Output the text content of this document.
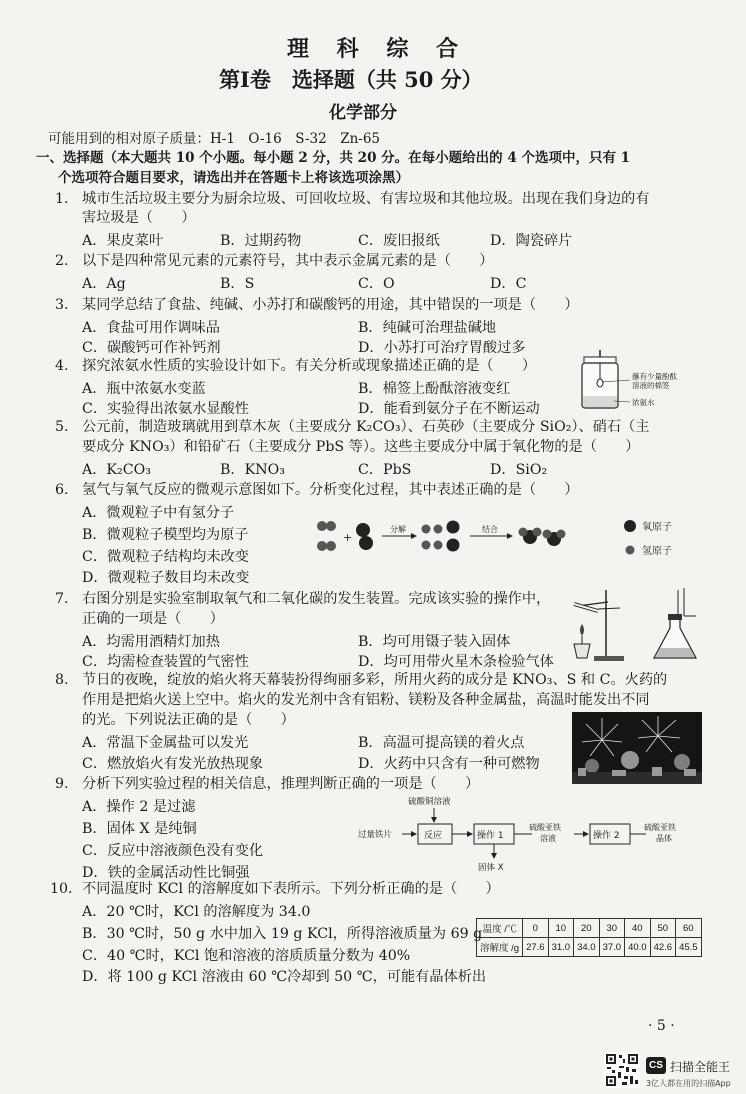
理 科 综 合
第Ⅰ卷　选择题（共 50 分）
化学部分
可能用到的相对原子质量：H-1　O-16　S-32　Zn-65
一、选择题（本大题共 10 个小题。每小题 2 分，共 20 分。在每小题给出的 4 个选项中，只有 1
个选项符合题目要求，请选出并在答题卡上将该选项涂黑）
1. 城市生活垃圾主要分为厨余垃圾、可回收垃圾、有害垃圾和其他垃圾。出现在我们身边的有
害垃圾是（　　）
A．果皮菜叶	B．过期药物	C．废旧报纸	D．陶瓷碎片
2. 以下是四种常见元素的元素符号，其中表示金属元素的是（　　）
A．Ag	B．S	C．O	D．C
3. 某同学总结了食盐、纯碱、小苏打和碳酸钙的用途，其中错误的一项是（　　）
A．食盐可用作调味品	B．纯碱可治理盐碱地
C．碳酸钙可作补钙剂	D．小苏打可治疗胃酸过多
4. 探究浓氨水性质的实验设计如下。有关分析或现象描述正确的是（　　）
A．瓶中浓氨水变蓝	B．棉签上酚酞溶液变红
C．实验得出浓氨水显酸性	D．能看到氨分子在不断运动
蘸有少量酚酞
溶液的棉签
浓氨水
5. 公元前，制造玻璃就用到草木灰（主要成分 K₂CO₃）、石英砂（主要成分 SiO₂）、硝石（主
要成分 KNO₃）和铅矿石（主要成分 PbS 等）。这些主要成分中属于氧化物的是（　　）
A．K₂CO₃	B．KNO₃	C．PbS	D．SiO₂
6. 氢气与氧气反应的微观示意图如下。分析变化过程，其中表述正确的是（　　）
A．微观粒子中有氢分子
B．微观粒子模型均为原子
C．微观粒子结构均未改变
D．微观粒子数目均未改变
+
分解	结合	氧原子
氢原子
7. 右图分别是实验室制取氧气和二氧化碳的发生装置。完成该实验的操作中，
正确的一项是（　　）
A．均需用酒精灯加热	B．均可用镊子装入固体
C．均需检查装置的气密性	D．均可用带火星木条检验气体
8. 节日的夜晚，绽放的焰火将天幕装扮得绚丽多彩，所用火药的成分是 KNO₃、S 和 C。火药的
作用是把焰火送上空中。焰火的发光剂中含有铝粉、镁粉及各种金属盐，高温时能发出不同
的光。下列说法正确的是（　　）
A．常温下金属盐可以发光	B．高温可提高镁的着火点
C．燃放焰火有发光放热现象	D．火药中只含有一种可燃物
9. 分析下列实验过程的相关信息，推理判断正确的一项是（　　）
A．操作 2 是过滤
B．固体 X 是纯铜
C．反应中溶液颜色没有变化
D．铁的金属活动性比铜强
硫酸铜溶液
过量铁片	反应	操作 1
固体 X
硫酸亚铁
溶液	操作 2
硫酸亚铁
晶体
10. 不同温度时 KCl 的溶解度如下表所示。下列分析正确的是（　　）
A．20 ℃时，KCl 的溶解度为 34.0
B．30 ℃时，50 g 水中加入 19 g KCl，所得溶液质量为 69 g
C．40 ℃时，KCl 饱和溶液的溶质质量分数为 40%
D．将 100 g KCl 溶液由 60 ℃冷却到 50 ℃，可能有晶体析出
温度 /℃	0	10	20	30	40	50	60
溶解度 /g	27.6	31.0	34.0	37.0	40.0	42.6	45.5
· 5 ·
CS 扫描全能王
3亿人都在用的扫描App
